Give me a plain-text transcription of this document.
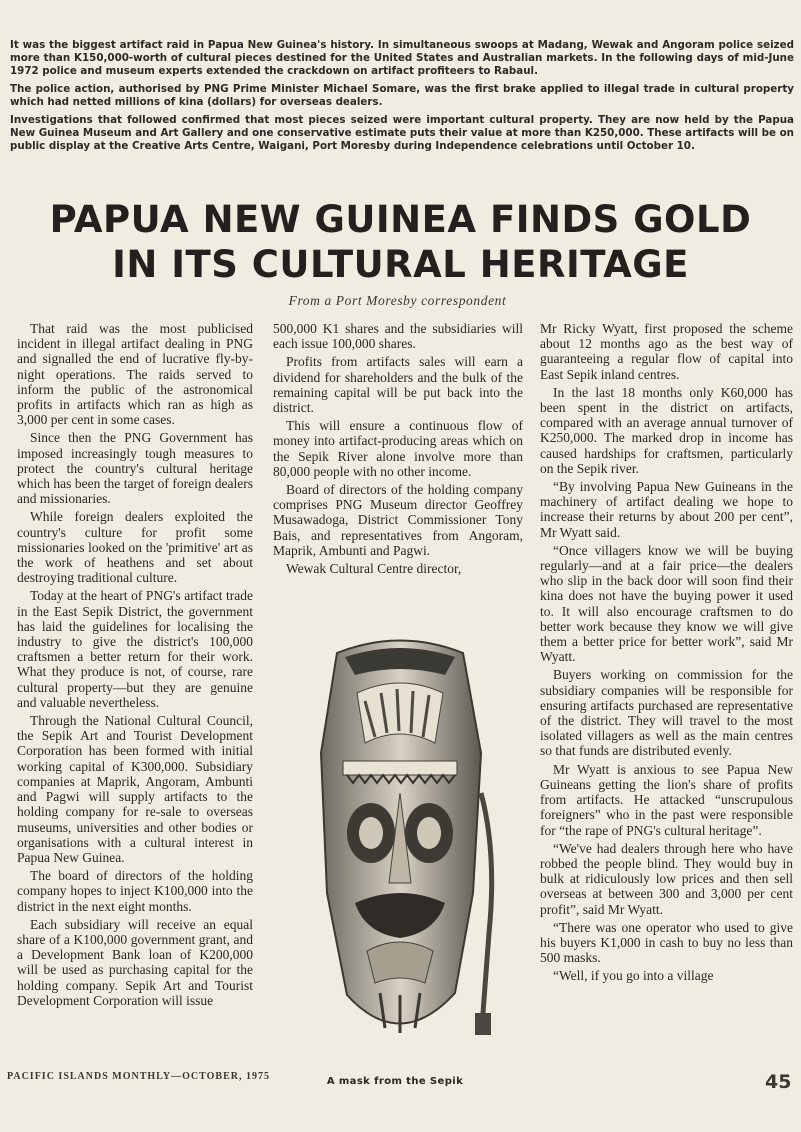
It was the biggest artifact raid in Papua New Guinea's history. In simultaneous swoops at Madang, Wewak and Angoram police seized more than K150,000-worth of cultural pieces destined for the United States and Australian markets. In the following days of mid-June 1972 police and museum experts extended the crackdown on artifact profiteers to Rabaul.

The police action, authorised by PNG Prime Minister Michael Somare, was the first brake applied to illegal trade in cultural property which had netted millions of kina (dollars) for overseas dealers.

Investigations that followed confirmed that most pieces seized were important cultural property. They are now held by the Papua New Guinea Museum and Art Gallery and one conservative estimate puts their value at more than K250,000. These artifacts will be on public display at the Creative Arts Centre, Waigani, Port Moresby during Independence celebrations until October 10.

PAPUA NEW GUINEA FINDS GOLD
IN ITS CULTURAL HERITAGE
From a Port Moresby correspondent

That raid was the most publicised incident in illegal artifact dealing in PNG and signalled the end of lucrative fly-by-night operations. The raids served to inform the public of the astronomical profits in artifacts which ran as high as 3,000 per cent in some cases.

Since then the PNG Government has imposed increasingly tough measures to protect the country's cultural heritage which has been the target of foreign dealers and missionaries.

While foreign dealers exploited the country's culture for profit some missionaries looked on the 'primitive' art as the work of heathens and set about destroying traditional culture.

Today at the heart of PNG's artifact trade in the East Sepik District, the government has laid the guidelines for localising the industry to give the district's 100,000 craftsmen a better return for their work. What they produce is not, of course, rare cultural property—but they are genuine and valuable nevertheless.

Through the National Cultural Council, the Sepik Art and Tourist Development Corporation has been formed with initial working capital of K300,000. Subsidiary companies at Maprik, Angoram, Ambunti and Pagwi will supply artifacts to the holding company for re-sale to overseas museums, universities and other bodies or organisations with a cultural interest in Papua New Guinea.

The board of directors of the holding company hopes to inject K100,000 into the district in the next eight months.

Each subsidiary will receive an equal share of a K100,000 government grant, and a Development Bank loan of K200,000 will be used as purchasing capital for the holding company. Sepik Art and Tourist Development Corporation will issue

500,000 K1 shares and the subsidiaries will each issue 100,000 shares.

Profits from artifacts sales will earn a dividend for shareholders and the bulk of the remaining capital will be put back into the district.

This will ensure a continuous flow of money into artifact-producing areas which on the Sepik River alone involve more than 80,000 people with no other income.

Board of directors of the holding company comprises PNG Museum director Geoffrey Musawadoga, District Commissioner Tony Bais, and representatives from Angoram, Maprik, Ambunti and Pagwi.

Wewak Cultural Centre director,

A mask from the Sepik

Mr Ricky Wyatt, first proposed the scheme about 12 months ago as the best way of guaranteeing a regular flow of capital into East Sepik inland centres.

In the last 18 months only K60,000 has been spent in the district on artifacts, compared with an average annual turnover of K250,000. The marked drop in income has caused hardships for craftsmen, particularly on the Sepik river.

“By involving Papua New Guineans in the machinery of artifact dealing we hope to increase their returns by about 200 per cent”, Mr Wyatt said.

“Once villagers know we will be buying regularly—and at a fair price—the dealers who slip in the back door will soon find their kina does not have the buying power it used to. It will also encourage craftsmen to do better work because they know we will give them a better price for better work”, said Mr Wyatt.

Buyers working on commission for the subsidiary companies will be responsible for ensuring artifacts purchased are representative of the district. They will travel to the most isolated villagers as well as the main centres so that funds are distributed evenly.

Mr Wyatt is anxious to see Papua New Guineans getting the lion's share of profits from artifacts. He attacked “unscrupulous foreigners” who in the past were responsible for “the rape of PNG's cultural heritage”.

“We've had dealers through here who have robbed the people blind. They would buy in bulk at ridiculously low prices and then sell overseas at between 300 and 3,000 per cent profit”, said Mr Wyatt.

“There was one operator who used to give his buyers K1,000 in cash to buy no less than 500 masks.

“Well, if you go into a village

PACIFIC ISLANDS MONTHLY—OCTOBER, 1975	45
